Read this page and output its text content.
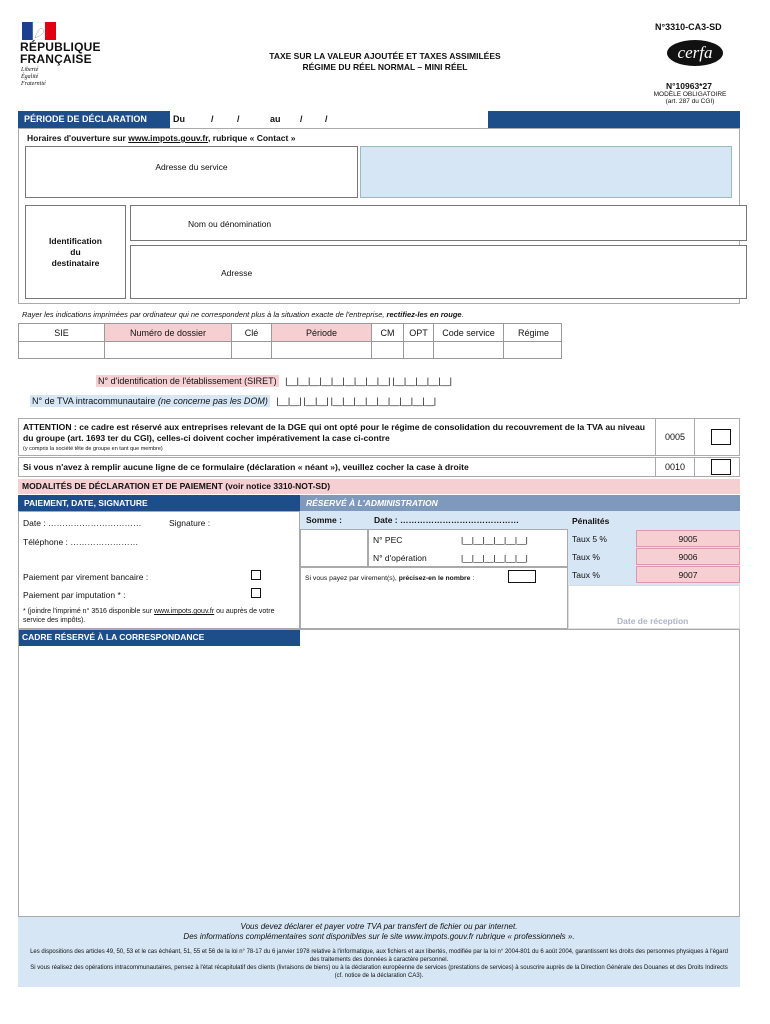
RÉPUBLIQUE
FRANÇAISE
Liberté
Égalité
Fraternité
TAXE SUR LA VALEUR AJOUTÉE ET TAXES ASSIMILÉES
RÉGIME DU RÉEL NORMAL – MINI RÉEL
N°3310-CA3-SD
cerfa
N°10963*27
MODÈLE OBLIGATOIRE
(art. 287 du CGI)
PÉRIODE DE DÉCLARATION	Du	/	/	au / /
Horaires d'ouverture sur www.impots.gouv.fr, rubrique « Contact »
Adresse du service
Identification
du
destinataire
Nom ou dénomination
Adresse
Rayer les indications imprimées par ordinateur qui ne correspondent plus à la situation exacte de l'entreprise, rectifiez-les en rouge.
SIE	Numéro de dossier	Clé	Période	CM	OPT	Code service	Régime
N° d'identification de l'établissement (SIRET) |__|__|__|__|__|__|__|__|__| |__|__|__|__|__|
N° de TVA intracommunautaire (ne concerne pas les DOM) |__|__| |__|__| |__|__|__|__|__|__|__|__|__|
ATTENTION : ce cadre est réservé aux entreprises relevant de la DGE qui ont opté pour le régime de consolidation du recouvrement de la TVA au niveau du groupe (art. 1693 ter du CGI), celles-ci doivent cocher impérativement la case ci-contre
(y compris la société tête de groupe en tant que membre)
0005
Si vous n'avez à remplir aucune ligne de ce formulaire (déclaration « néant »), veuillez cocher la case à droite	0010
MODALITÉS DE DÉCLARATION ET DE PAIEMENT (voir notice 3310-NOT-SD)
PAIEMENT, DATE, SIGNATURE
Date : ……………………………	Signature :
Téléphone : ……………………
Paiement par virement bancaire :
Paiement par imputation * :
* (joindre l'imprimé n° 3516 disponible sur www.impots.gouv.fr ou auprès de votre service des impôts).
RÉSERVÉ À L'ADMINISTRATION
Somme :	Date : ……………………………………
N° PEC	|__|__|__|__|__|__|
N° d'opération	|__|__|__|__|__|__|
Si vous payez par virement(s), précisez-en le nombre :
Pénalités
Taux 5 %	9005
Taux %	9006
Taux %	9007
Date de réception
CADRE RÉSERVÉ À LA CORRESPONDANCE
Vous devez déclarer et payer votre TVA par transfert de fichier ou par internet.
Des informations complémentaires sont disponibles sur le site www.impots.gouv.fr rubrique « professionnels ».
Les dispositions des articles 49, 50, 53 et le cas échéant, 51, 55 et 56 de la loi n° 78-17 du 6 janvier 1978 relative à l'informatique, aux fichiers et aux libertés, modifiée par la loi n° 2004-801 du 6 août 2004, garantissent les droits des personnes physiques à l'égard des traitements des données à caractère personnel.
Si vous réalisez des opérations intracommunautaires, pensez à l'état récapitulatif des clients (livraisons de biens) ou à la déclaration européenne de services (prestations de services) à souscrire auprès de la Direction Générale des Douanes et des Droits Indirects (cf. notice de la déclaration CA3).
